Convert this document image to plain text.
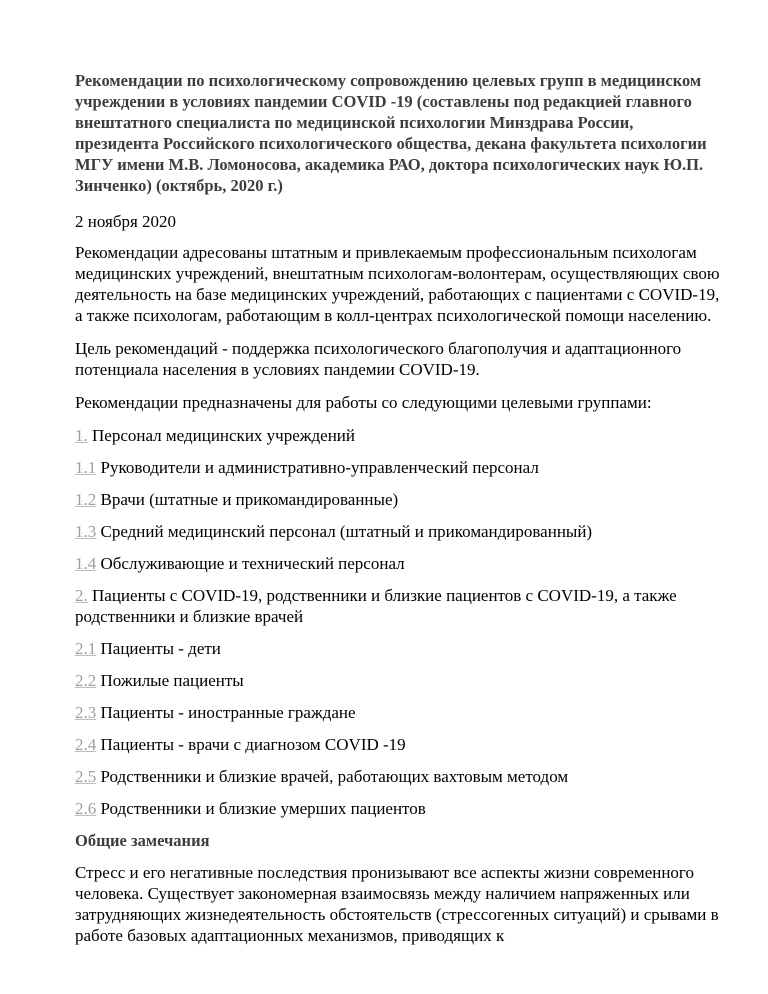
Рекомендации по психологическому сопровождению целевых групп в медицинском учреждении в условиях пандемии COVID -19 (составлены под редакцией главного внештатного специалиста по медицинской психологии Минздрава России, президента Российского психологического общества, декана факультета психологии МГУ имени М.В. Ломоносова, академика РАО, доктора психологических наук Ю.П. Зинченко) (октябрь, 2020 г.)
2 ноября 2020
Рекомендации адресованы штатным и привлекаемым профессиональным психологам медицинских учреждений, внештатным психологам-волонтерам, осуществляющих свою деятельность на базе медицинских учреждений, работающих с пациентами с COVID-19, а также психологам, работающим в колл-центрах психологической помощи населению.
Цель рекомендаций - поддержка психологического благополучия и адаптационного потенциала населения в условиях пандемии COVID-19.
Рекомендации предназначены для работы со следующими целевыми группами:
1. Персонал медицинских учреждений
1.1 Руководители и административно-управленческий персонал
1.2 Врачи (штатные и прикомандированные)
1.3 Средний медицинский персонал (штатный и прикомандированный)
1.4 Обслуживающие и технический персонал
2. Пациенты с COVID-19, родственники и близкие пациентов с COVID-19, а также родственники и близкие врачей
2.1 Пациенты - дети
2.2 Пожилые пациенты
2.3 Пациенты - иностранные граждане
2.4 Пациенты - врачи с диагнозом COVID -19
2.5 Родственники и близкие врачей, работающих вахтовым методом
2.6 Родственники и близкие умерших пациентов
Общие замечания
Стресс и его негативные последствия пронизывают все аспекты жизни современного человека. Существует закономерная взаимосвязь между наличием напряженных или затрудняющих жизнедеятельность обстоятельств (стрессогенных ситуаций) и срывами в работе базовых адаптационных механизмов, приводящих к
